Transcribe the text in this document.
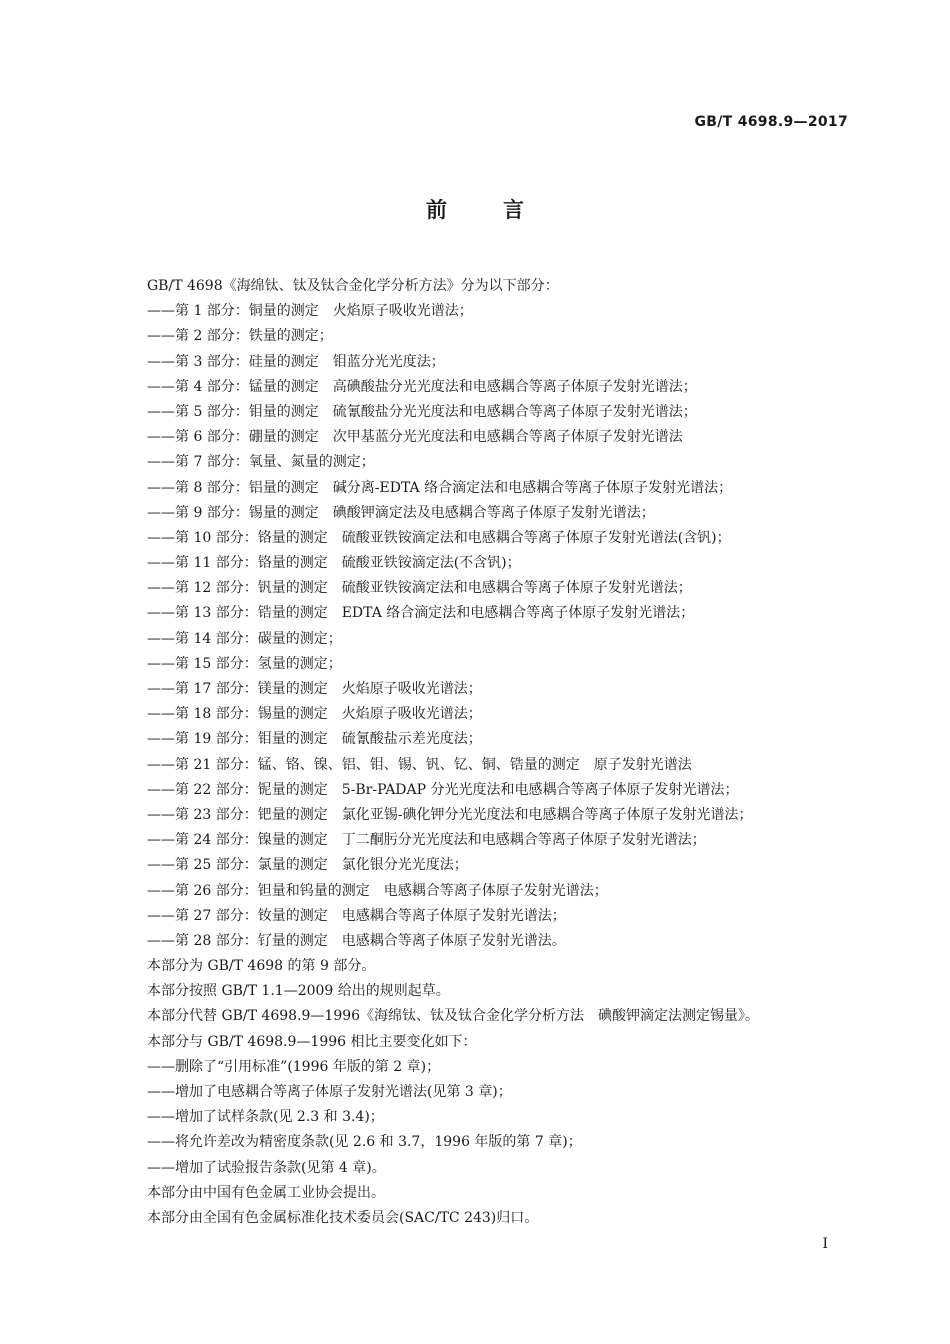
GB/T 4698.9—2017
前言
GB/T 4698《海绵钛、钛及钛合金化学分析方法》分为以下部分：
——第 1 部分：铜量的测定　火焰原子吸收光谱法；
——第 2 部分：铁量的测定；
——第 3 部分：硅量的测定　钼蓝分光光度法；
——第 4 部分：锰量的测定　高碘酸盐分光光度法和电感耦合等离子体原子发射光谱法；
——第 5 部分：钼量的测定　硫氰酸盐分光光度法和电感耦合等离子体原子发射光谱法；
——第 6 部分：硼量的测定　次甲基蓝分光光度法和电感耦合等离子体原子发射光谱法
——第 7 部分：氧量、氮量的测定；
——第 8 部分：铝量的测定　碱分离-EDTA 络合滴定法和电感耦合等离子体原子发射光谱法；
——第 9 部分：锡量的测定　碘酸钾滴定法及电感耦合等离子体原子发射光谱法；
——第 10 部分：铬量的测定　硫酸亚铁铵滴定法和电感耦合等离子体原子发射光谱法(含钒)；
——第 11 部分：铬量的测定　硫酸亚铁铵滴定法(不含钒)；
——第 12 部分：钒量的测定　硫酸亚铁铵滴定法和电感耦合等离子体原子发射光谱法；
——第 13 部分：锆量的测定　EDTA 络合滴定法和电感耦合等离子体原子发射光谱法；
——第 14 部分：碳量的测定；
——第 15 部分：氢量的测定；
——第 17 部分：镁量的测定　火焰原子吸收光谱法；
——第 18 部分：锡量的测定　火焰原子吸收光谱法；
——第 19 部分：钼量的测定　硫氰酸盐示差光度法；
——第 21 部分：锰、铬、镍、铝、钼、锡、钒、钇、铜、锆量的测定　原子发射光谱法
——第 22 部分：铌量的测定　5-Br-PADAP 分光光度法和电感耦合等离子体原子发射光谱法；
——第 23 部分：钯量的测定　氯化亚锡-碘化钾分光光度法和电感耦合等离子体原子发射光谱法；
——第 24 部分：镍量的测定　丁二酮肟分光光度法和电感耦合等离子体原子发射光谱法；
——第 25 部分：氯量的测定　氯化银分光光度法；
——第 26 部分：钽量和钨量的测定　电感耦合等离子体原子发射光谱法；
——第 27 部分：钕量的测定　电感耦合等离子体原子发射光谱法；
——第 28 部分：钌量的测定　电感耦合等离子体原子发射光谱法。
本部分为 GB/T 4698 的第 9 部分。
本部分按照 GB/T 1.1—2009 给出的规则起草。
本部分代替 GB/T 4698.9—1996《海绵钛、钛及钛合金化学分析方法　碘酸钾滴定法测定锡量》。
本部分与 GB/T 4698.9—1996 相比主要变化如下：
——删除了“引用标准”(1996 年版的第 2 章)；
——增加了电感耦合等离子体原子发射光谱法(见第 3 章)；
——增加了试样条款(见 2.3 和 3.4)；
——将允许差改为精密度条款(见 2.6 和 3.7，1996 年版的第 7 章)；
——增加了试验报告条款(见第 4 章)。
本部分由中国有色金属工业协会提出。
本部分由全国有色金属标准化技术委员会(SAC/TC 243)归口。
I
